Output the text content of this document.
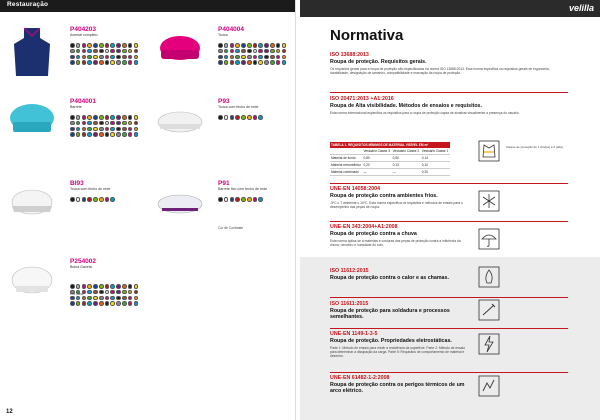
Restauração
P404203
Avental completo
P404004
Touca
P404001
Barrete
P93
Touca com fecho de rede
BI93
Touca com fecho de rede
P91
Barrete fixo com fecho de rede
P254002
Boina Gaveta
Cor Base
Cor de Contraste
12
velilla
Normativa
ISO 13688:2013
Roupa de proteção. Requisitos gerais.
Os requisitos gerais para a roupa de proteção são especificados na norma ISO 13688:2013. Esta norma especifica os requisitos gerais de ergonomia, durabilidade, designação de tamanho, compatibilidade e marcação da roupa de proteção.
ISO 20471:2013 +A1:2016
Roupa de Alta visibilidade. Métodos de ensaios e requisitos.
Esta norma internacional especifica os requisitos para a roupa de proteção capaz de sinalizar visualmente a presença do usuário.
TABELA 1. REQUISITOS MÍNIMOS DE MATERIAL VISÍVEL EM m²			
	Vestuário Classe 3	Vestuário Classe 2	Vestuário Classe 1
Material de fundo	0,80	0,50	0,14
Material retrorrefletor	0,20	0,13	0,10
Material combinado	—	—	0,20
Classe de proteção de 1 (baixa) a 3 (alta)
UNE-EN 14058:2004
Roupa de proteção contra ambientes frios.
-5ºC ≤ T ambiente ≤ 10ºC. Esta norma especifica os requisitos e métodos de ensaio para o desempenho das peças de roupa.
UNE-EN 343:2004+A1:2008
Roupa de proteção contra a chuva
Esta norma aplica-se a materiais e costuras das peças de proteção contra a influência da chuva, nevoeiro e humidade do solo.
ISO 11612:2015
Roupa de proteção contra o calor e as chamas.
ISO 11611:2015
Roupa de proteção para soldadura e processos semelhantes.
UNE-EN 1149-1-3-5
Roupa de proteção. Propriedades eletrostáticas.
Parte 1: Método de ensaio para medir a resistência da superfície. Parte 2: Método de ensaio para determinar a dissipação da carga. Parte 5: Requisitos de comportamento de material e desenho.
UNE-EN 61482-1-2:2008
Roupa de proteção contra os perigos térmicos de um arco elétrico.
